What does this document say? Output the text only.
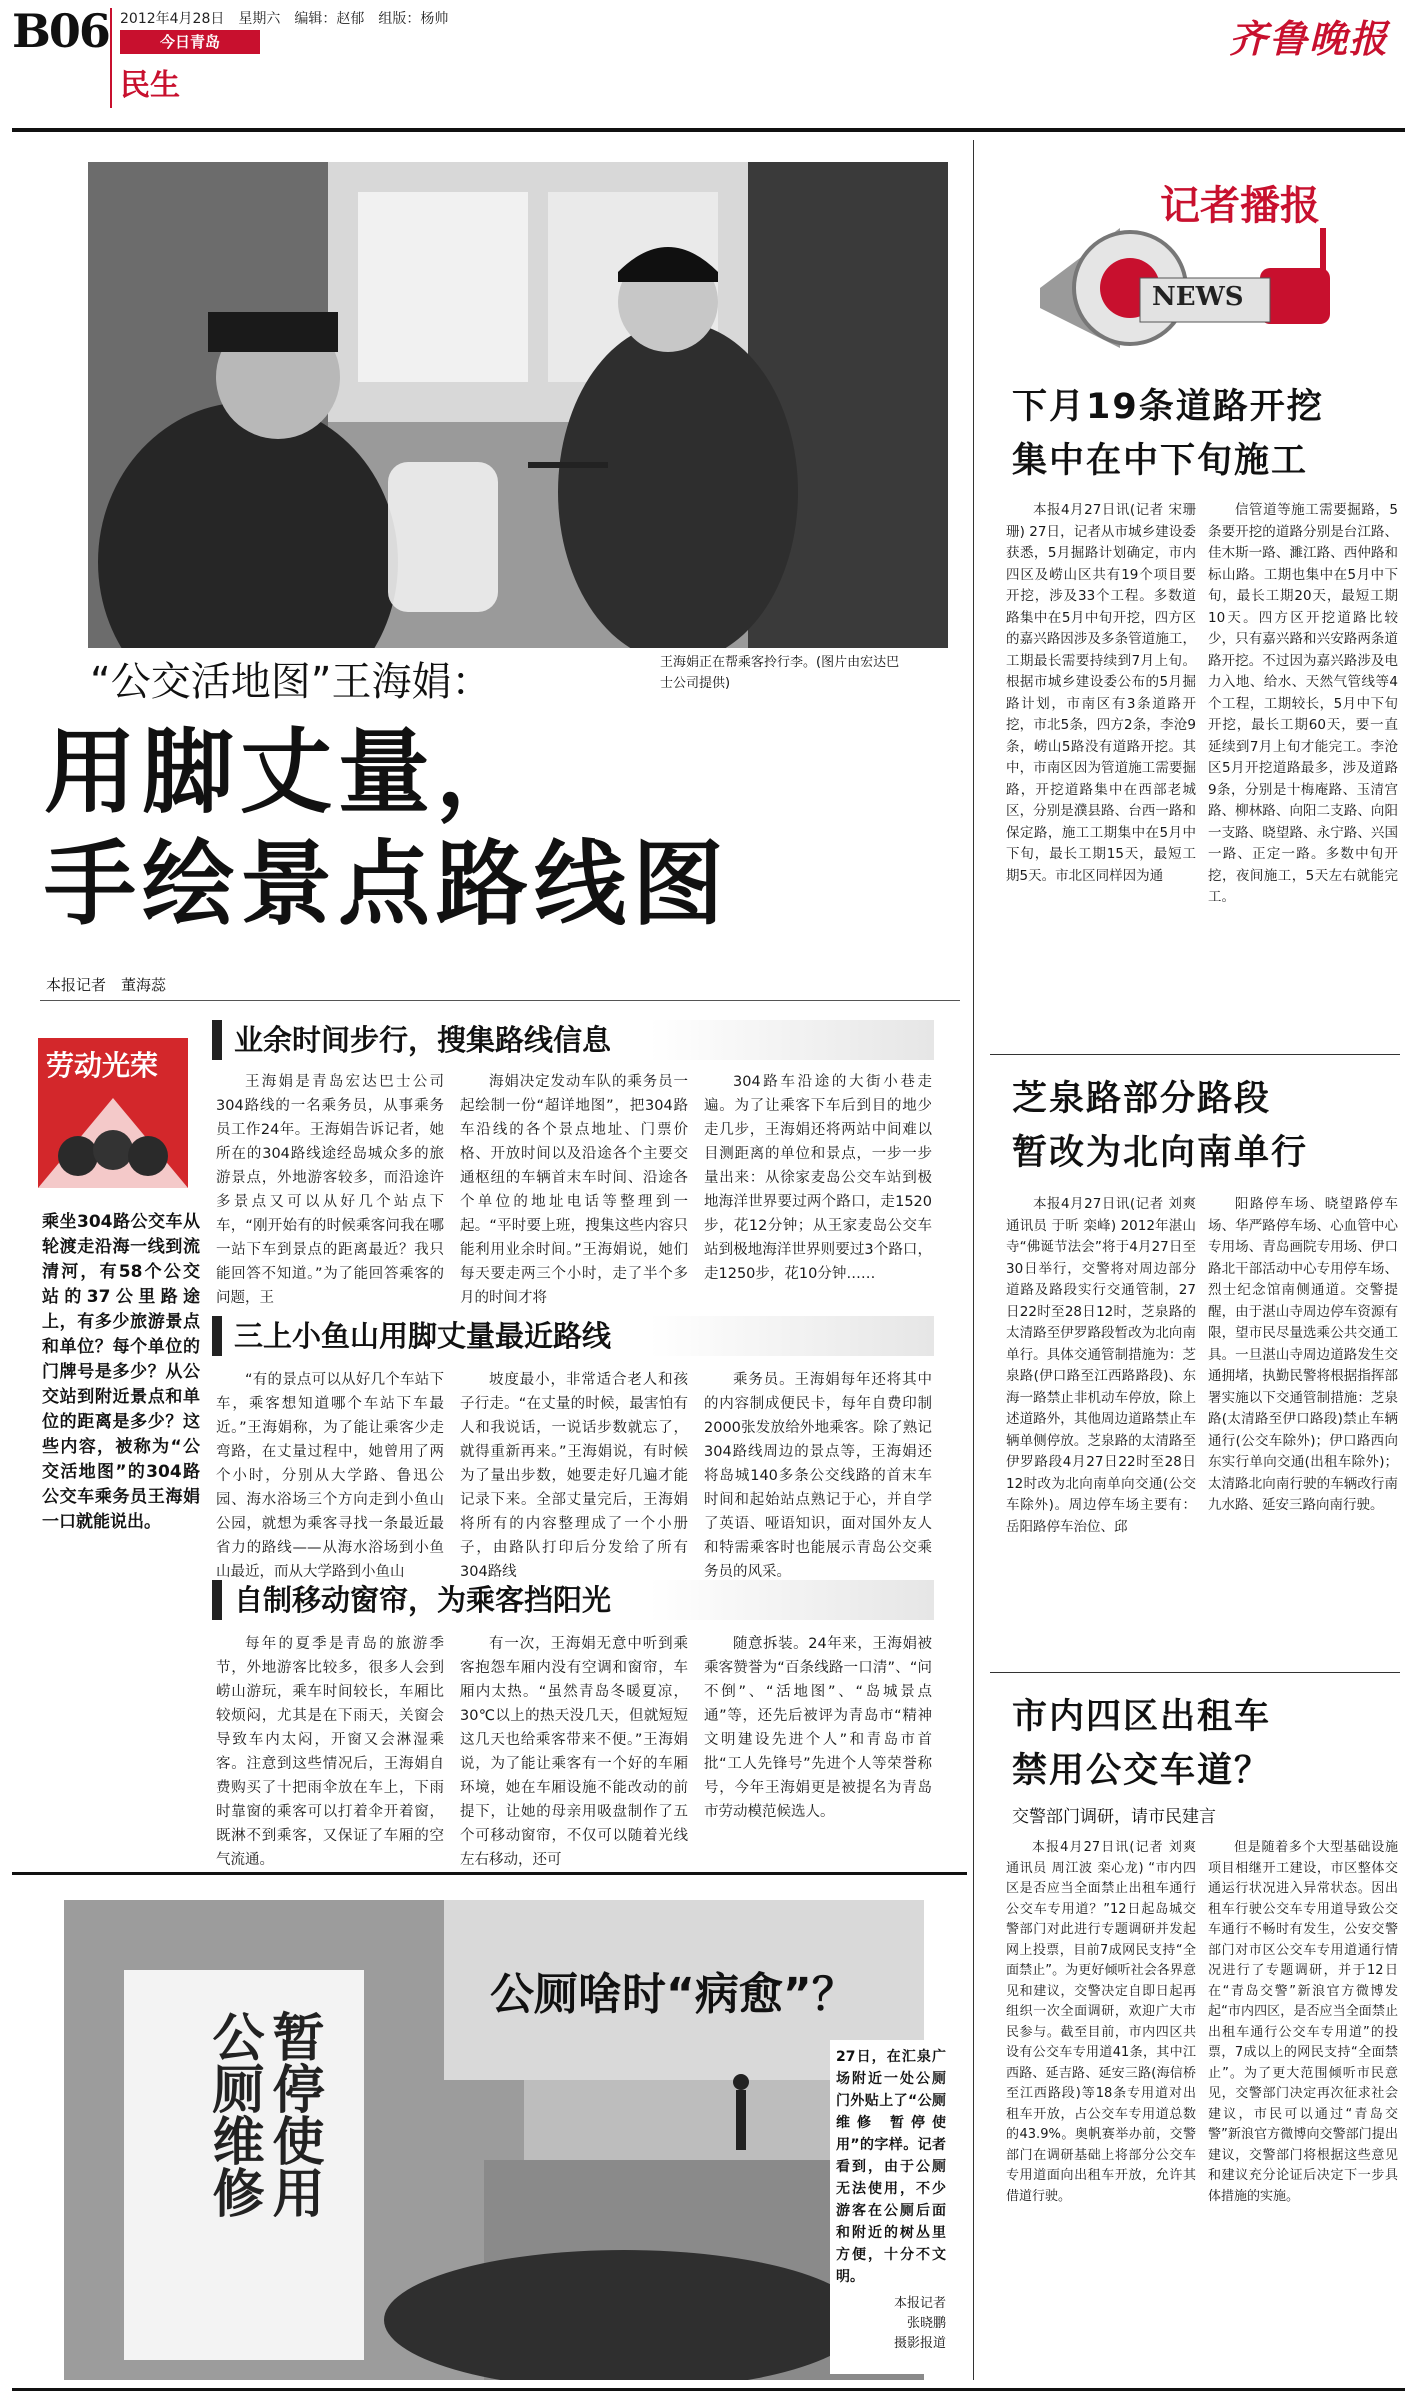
B06 2012年4月28日　星期六　编辑：赵郁　组版：杨帅
今日青岛
民生
齐鲁晚报
王海娟正在帮乘客拎行李。(图片由宏达巴士公司提供)
“公交活地图”王海娟：
用脚丈量，
手绘景点路线图
本报记者　董海蕊
劳动光荣
乘坐304路公交车从轮渡走沿海一线到流清河，有58个公交站的37公里路途上，有多少旅游景点和单位？每个单位的门牌号是多少？从公交站到附近景点和单位的距离是多少？这些内容，被称为“公交活地图”的304路公交车乘务员王海娟一口就能说出。
业余时间步行，搜集路线信息

王海娟是青岛宏达巴士公司304路线的一名乘务员，从事乘务员工作24年。王海娟告诉记者，她所在的304路线途经岛城众多的旅游景点，外地游客较多，而沿途许多景点又可以从好几个站点下车，“刚开始有的时候乘客问我在哪一站下车到景点的距离最近？我只能回答不知道。”为了能回答乘客的问题，王

海娟决定发动车队的乘务员一起绘制一份“超详地图”，把304路车沿线的各个景点地址、门票价格、开放时间以及沿途各个主要交通枢纽的车辆首末车时间、沿途各个单位的地址电话等整理到一起。“平时要上班，搜集这些内容只能利用业余时间。”王海娟说，她们每天要走两三个小时，走了半个多月的时间才将

304路车沿途的大街小巷走遍。为了让乘客下车后到目的地少走几步，王海娟还将两站中间难以目测距离的单位和景点，一步一步量出来：从徐家麦岛公交车站到极地海洋世界要过两个路口，走1520步，花12分钟；从王家麦岛公交车站到极地海洋世界则要过3个路口，走1250步，花10分钟……

三上小鱼山用脚丈量最近路线

“有的景点可以从好几个车站下车，乘客想知道哪个车站下车最近。”王海娟称，为了能让乘客少走弯路，在丈量过程中，她曾用了两个小时，分别从大学路、鲁迅公园、海水浴场三个方向走到小鱼山公园，就想为乘客寻找一条最近最省力的路线——从海水浴场到小鱼山最近，而从大学路到小鱼山

坡度最小，非常适合老人和孩子行走。“在丈量的时候，最害怕有人和我说话，一说话步数就忘了，就得重新再来。”王海娟说，有时候为了量出步数，她要走好几遍才能记录下来。全部丈量完后，王海娟将所有的内容整理成了一个小册子，由路队打印后分发给了所有304路线

乘务员。王海娟每年还将其中的内容制成便民卡，每年自费印制2000张发放给外地乘客。除了熟记304路线周边的景点等，王海娟还将岛城140多条公交线路的首末车时间和起始站点熟记于心，并自学了英语、哑语知识，面对国外友人和特需乘客时也能展示青岛公交乘务员的风采。

自制移动窗帘，为乘客挡阳光

每年的夏季是青岛的旅游季节，外地游客比较多，很多人会到崂山游玩，乘车时间较长，车厢比较烦闷，尤其是在下雨天，关窗会导致车内太闷，开窗又会淋湿乘客。注意到这些情况后，王海娟自费购买了十把雨伞放在车上，下雨时靠窗的乘客可以打着伞开着窗，既淋不到乘客，又保证了车厢的空气流通。

有一次，王海娟无意中听到乘客抱怨车厢内没有空调和窗帘，车厢内太热。“虽然青岛冬暖夏凉，30℃以上的热天没几天，但就短短这几天也给乘客带来不便。”王海娟说，为了能让乘客有一个好的车厢环境，她在车厢设施不能改动的前提下，让她的母亲用吸盘制作了五个可移动窗帘，不仅可以随着光线左右移动，还可

随意拆装。24年来，王海娟被乘客赞誉为“百条线路一口清”、“问不倒”、“活地图”、“岛城景点通”等，还先后被评为青岛市“精神文明建设先进个人”和青岛市首批“工人先锋号”先进个人等荣誉称号，今年王海娟更是被提名为青岛市劳动模范候选人。

公厕维修 暂停使用
公厕啥时“病愈”？
27日，在汇泉广场附近一处公厕门外贴上了“公厕维修 暂停使用”的字样。记者看到，由于公厕无法使用，不少游客在公厕后面和附近的树丛里方便，十分不文明。
本报记者
张晓鹏
摄影报道
记者播报
NEWS
下月19条道路开挖
集中在中下旬施工

本报4月27日讯(记者 宋珊珊) 27日，记者从市城乡建设委获悉，5月掘路计划确定，市内四区及崂山区共有19个项目要开挖，涉及33个工程。多数道路集中在5月中旬开挖，四方区的嘉兴路因涉及多条管道施工，工期最长需要持续到7月上旬。根据市城乡建设委公布的5月掘路计划，市南区有3条道路开挖，市北5条，四方2条，李沧9条，崂山5路没有道路开挖。其中，市南区因为管道施工需要掘路，开挖道路集中在西部老城区，分别是濮县路、台西一路和保定路，施工工期集中在5月中下旬，最长工期15天，最短工期5天。市北区同样因为通

信管道等施工需要掘路，5条要开挖的道路分别是台江路、佳木斯一路、濉江路、西仲路和标山路。工期也集中在5月中下旬，最长工期20天，最短工期10天。四方区开挖道路比较少，只有嘉兴路和兴安路两条道路开挖。不过因为嘉兴路涉及电力入地、给水、天然气管线等4个工程，工期较长，5月中下旬开挖，最长工期60天，要一直延续到7月上旬才能完工。李沧区5月开挖道路最多，涉及道路9条，分别是十梅庵路、玉清宫路、柳林路、向阳二支路、向阳一支路、晓望路、永宁路、兴国一路、正定一路。多数中旬开挖，夜间施工，5天左右就能完工。

芝泉路部分路段
暂改为北向南单行

本报4月27日讯(记者 刘爽 通讯员 于昕 栾峰) 2012年湛山寺“佛诞节法会”将于4月27日至30日举行，交警将对周边部分道路及路段实行交通管制，27日22时至28日12时，芝泉路的太清路至伊罗路段暂改为北向南单行。具体交通管制措施为：芝泉路(伊口路至江西路路段)、东海一路禁止非机动车停放，除上述道路外，其他周边道路禁止车辆单侧停放。芝泉路的太清路至伊罗路段4月27日22时至28日12时改为北向南单向交通(公交车除外)。周边停车场主要有：岳阳路停车治位、邱

阳路停车场、晓望路停车场、华严路停车场、心血管中心专用场、青岛画院专用场、伊口路北干部活动中心专用停车场、烈士纪念馆南侧通道。交警提醒，由于湛山寺周边停车资源有限，望市民尽量选乘公共交通工具。一旦湛山寺周边道路发生交通拥堵，执勤民警将根据指挥部署实施以下交通管制措施：芝泉路(太清路至伊口路段)禁止车辆通行(公交车除外)；伊口路西向东实行单向交通(出租车除外)；太清路北向南行驶的车辆改行南九水路、延安三路向南行驶。

市内四区出租车
禁用公交车道？
交警部门调研，请市民建言

本报4月27日讯(记者 刘爽 通讯员 周江波 栾心龙) “市内四区是否应当全面禁止出租车通行公交车专用道？”12日起岛城交警部门对此进行专题调研并发起网上投票，目前7成网民支持“全面禁止”。为更好倾听社会各界意见和建议，交警决定自即日起再组织一次全面调研，欢迎广大市民参与。截至目前，市内四区共设有公交车专用道41条，其中江西路、延吉路、延安三路(海信桥至江西路段)等18条专用道对出租车开放，占公交车专用道总数的43.9%。奥帆赛举办前，交警部门在调研基础上将部分公交车专用道面向出租车开放，允许其借道行驶。

但是随着多个大型基础设施项目相继开工建设，市区整体交通运行状况进入异常状态。因出租车行驶公交车专用道导致公交车通行不畅时有发生，公安交警部门对市区公交车专用道通行情况进行了专题调研，并于12日在“青岛交警”新浪官方微博发起“市内四区，是否应当全面禁止出租车通行公交车专用道”的投票，7成以上的网民支持“全面禁止”。为了更大范围倾听市民意见，交警部门决定再次征求社会建议，市民可以通过“青岛交警”新浪官方微博向交警部门提出建议，交警部门将根据这些意见和建议充分论证后决定下一步具体措施的实施。
